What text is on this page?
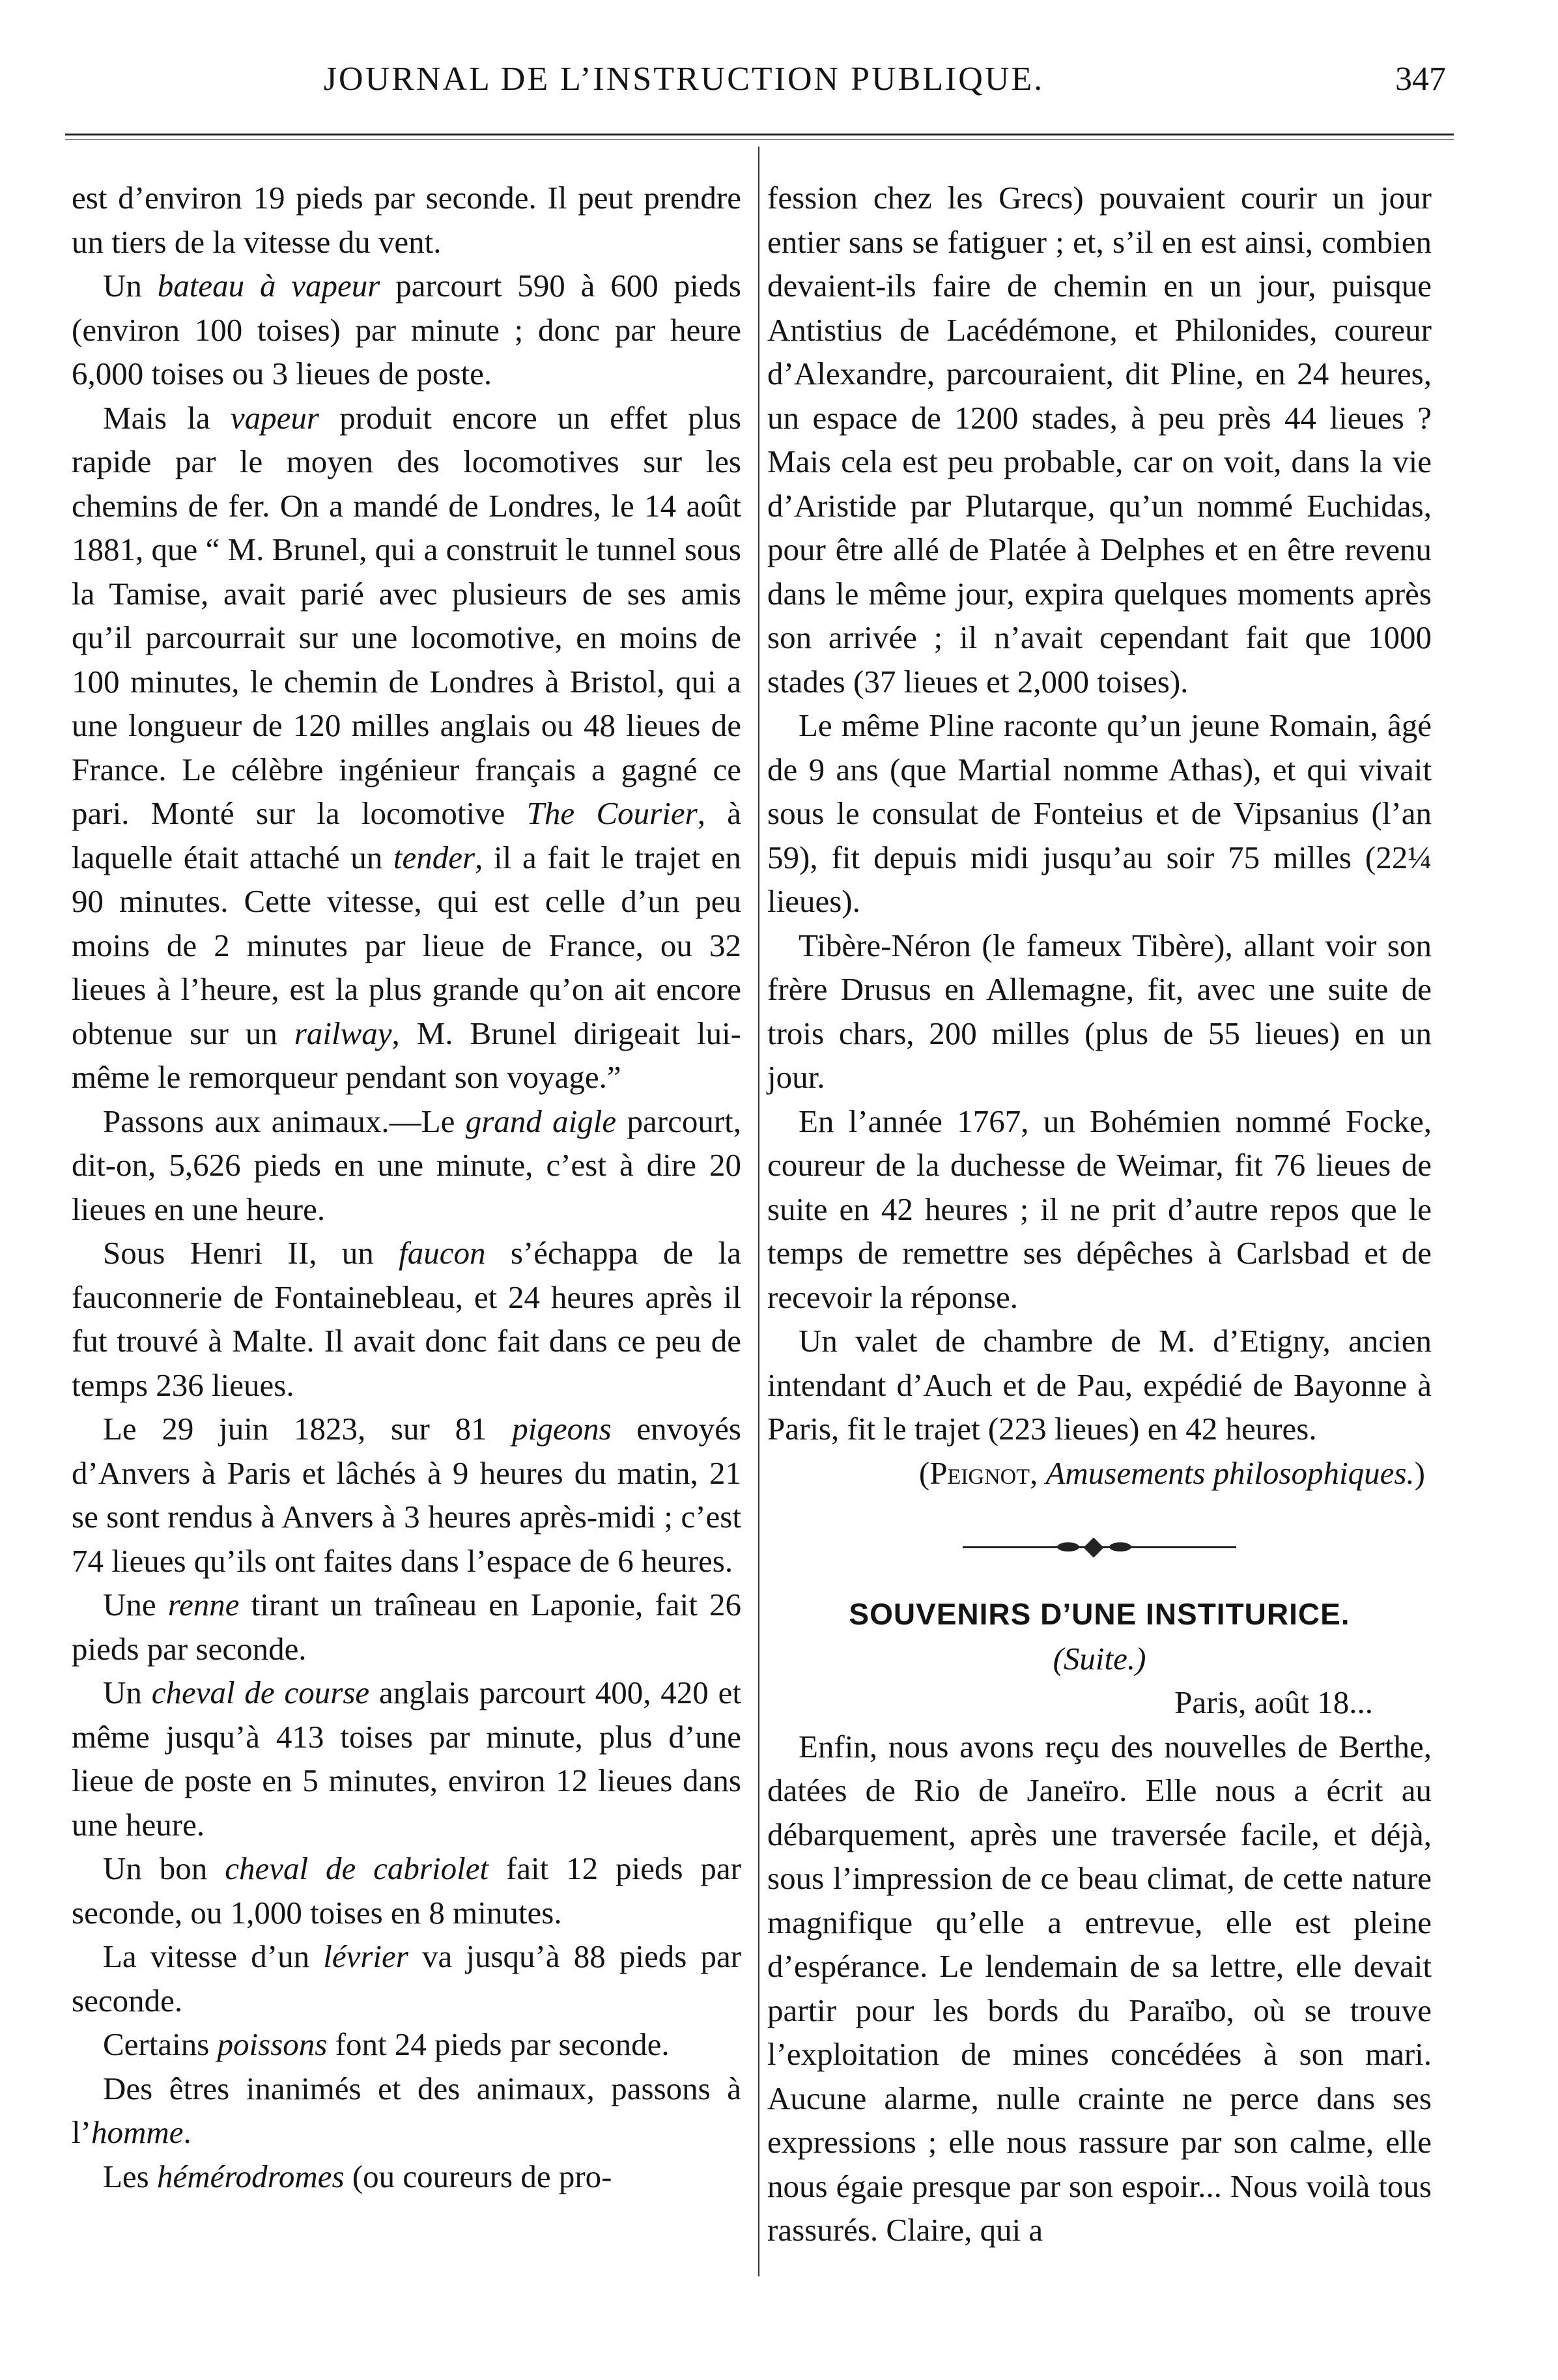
JOURNAL DE L’INSTRUCTION PUBLIQUE.	347

est d’environ 19 pieds par seconde. Il peut prendre un tiers de la vitesse du vent.

Un bateau à vapeur parcourt 590 à 600 pieds (environ 100 toises) par minute ; donc par heure 6,000 toises ou 3 lieues de poste.

Mais la vapeur produit encore un effet plus rapide par le moyen des locomotives sur les chemins de fer. On a mandé de Londres, le 14 août 1881, que “ M. Brunel, qui a construit le tunnel sous la Tamise, avait parié avec plusieurs de ses amis qu’il parcourrait sur une locomotive, en moins de 100 minutes, le chemin de Londres à Bristol, qui a une longueur de 120 milles anglais ou 48 lieues de France. Le célèbre ingénieur français a gagné ce pari. Monté sur la locomotive The Courier, à laquelle était attaché un tender, il a fait le trajet en 90 minutes. Cette vitesse, qui est celle d’un peu moins de 2 minutes par lieue de France, ou 32 lieues à l’heure, est la plus grande qu’on ait encore obtenue sur un railway, M. Brunel dirigeait lui-même le remorqueur pendant son voyage.”

Passons aux animaux.—Le grand aigle parcourt, dit-on, 5,626 pieds en une minute, c’est à dire 20 lieues en une heure.

Sous Henri II, un faucon s’échappa de la fauconnerie de Fontainebleau, et 24 heures après il fut trouvé à Malte. Il avait donc fait dans ce peu de temps 236 lieues.

Le 29 juin 1823, sur 81 pigeons envoyés d’Anvers à Paris et lâchés à 9 heures du matin, 21 se sont rendus à Anvers à 3 heures après-midi ; c’est 74 lieues qu’ils ont faites dans l’espace de 6 heures.

Une renne tirant un traîneau en Laponie, fait 26 pieds par seconde.

Un cheval de course anglais parcourt 400, 420 et même jusqu’à 413 toises par minute, plus d’une lieue de poste en 5 minutes, environ 12 lieues dans une heure.

Un bon cheval de cabriolet fait 12 pieds par seconde, ou 1,000 toises en 8 minutes.

La vitesse d’un lévrier va jusqu’à 88 pieds par seconde.

Certains poissons font 24 pieds par seconde.

Des êtres inanimés et des animaux, passons à l’homme.

Les hémérodromes (ou coureurs de pro-

fession chez les Grecs) pouvaient courir un jour entier sans se fatiguer ; et, s’il en est ainsi, combien devaient-ils faire de chemin en un jour, puisque Antistius de Lacédémone, et Philonides, coureur d’Alexandre, parcouraient, dit Pline, en 24 heures, un espace de 1200 stades, à peu près 44 lieues ? Mais cela est peu probable, car on voit, dans la vie d’Aristide par Plutarque, qu’un nommé Euchidas, pour être allé de Platée à Delphes et en être revenu dans le même jour, expira quelques moments après son arrivée ; il n’avait cependant fait que 1000 stades (37 lieues et 2,000 toises).

Le même Pline raconte qu’un jeune Romain, âgé de 9 ans (que Martial nomme Athas), et qui vivait sous le consulat de Fonteius et de Vipsanius (l’an 59), fit depuis midi jusqu’au soir 75 milles (22¼ lieues).

Tibère-Néron (le fameux Tibère), allant voir son frère Drusus en Allemagne, fit, avec une suite de trois chars, 200 milles (plus de 55 lieues) en un jour.

En l’année 1767, un Bohémien nommé Focke, coureur de la duchesse de Weimar, fit 76 lieues de suite en 42 heures ; il ne prit d’autre repos que le temps de remettre ses dépêches à Carlsbad et de recevoir la réponse.

Un valet de chambre de M. d’Etigny, ancien intendant d’Auch et de Pau, expédié de Bayonne à Paris, fit le trajet (223 lieues) en 42 heures.

(Peignot, Amusements philosophiques.)

SOUVENIRS D’UNE INSTITURICE.

(Suite.)

Paris, août 18...

Enfin, nous avons reçu des nouvelles de Berthe, datées de Rio de Janeïro. Elle nous a écrit au débarquement, après une traversée facile, et déjà, sous l’impression de ce beau climat, de cette nature magnifique qu’elle a entrevue, elle est pleine d’espérance. Le lendemain de sa lettre, elle devait partir pour les bords du Paraïbo, où se trouve l’exploitation de mines concédées à son mari. Aucune alarme, nulle crainte ne perce dans ses expressions ; elle nous rassure par son calme, elle nous égaie presque par son espoir... Nous voilà tous rassurés. Claire, qui a
